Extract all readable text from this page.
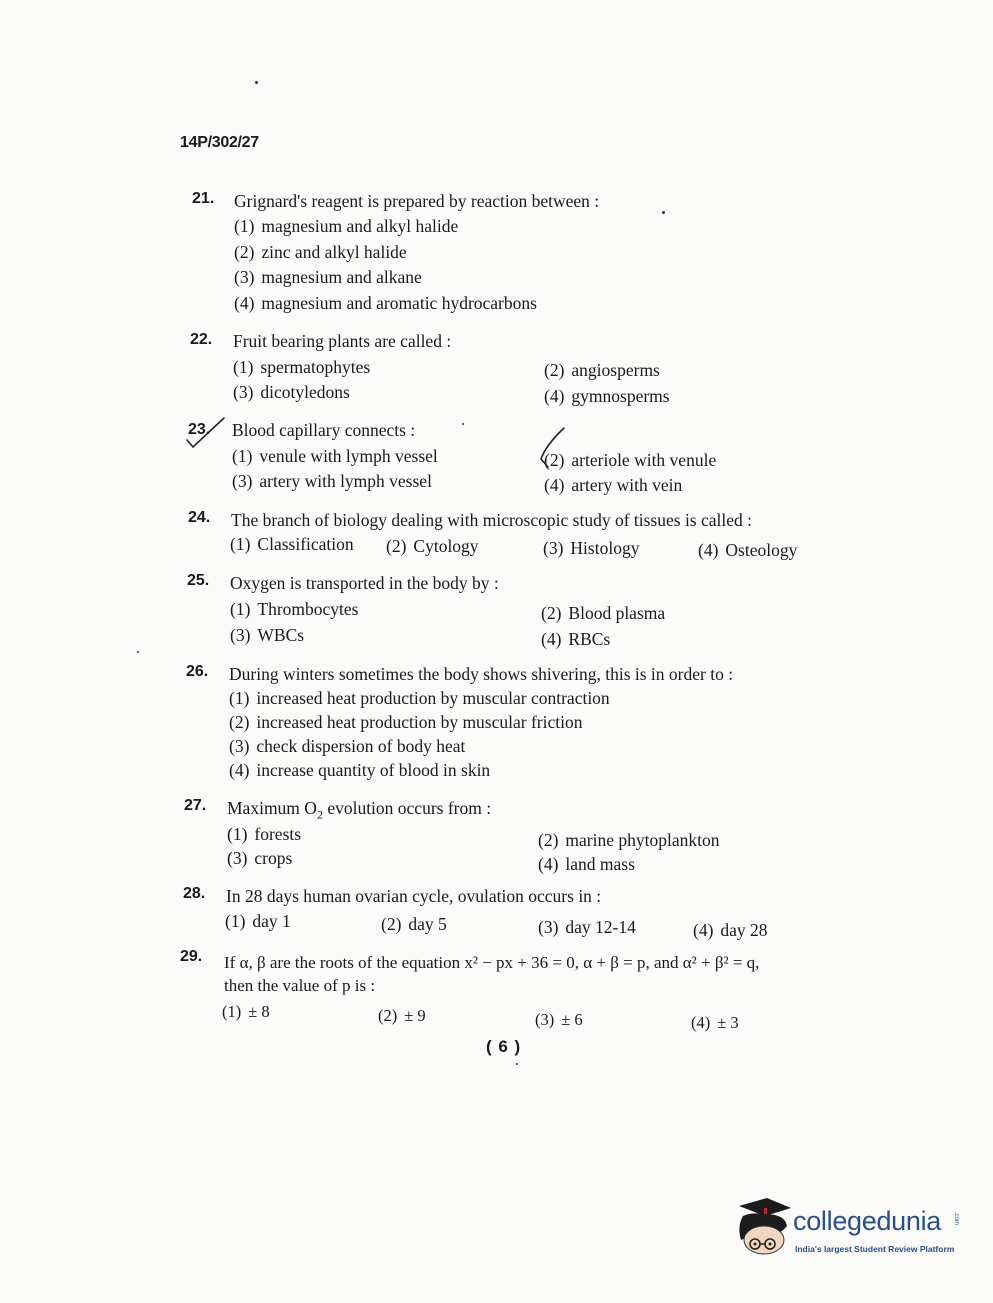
14P/302/27
21. Grignard's reagent is prepared by reaction between :
(1) magnesium and alkyl halide
(2) zinc and alkyl halide
(3) magnesium and alkane
(4) magnesium and aromatic hydrocarbons
22. Fruit bearing plants are called :
(1) spermatophytes	(2) angiosperms
(3) dicotyledons	(4) gymnosperms
23. Blood capillary connects :
(1) venule with lymph vessel	(2) arteriole with venule
(3) artery with lymph vessel	(4) artery with vein
24. The branch of biology dealing with microscopic study of tissues is called :
(1) Classification (2) Cytology	(3) Histology	(4) Osteology
25. Oxygen is transported in the body by :
(1) Thrombocytes	(2) Blood plasma
(3) WBCs	(4) RBCs
26. During winters sometimes the body shows shivering, this is in order to :
(1) increased heat production by muscular contraction
(2) increased heat production by muscular friction
(3) check dispersion of body heat
(4) increase quantity of blood in skin
27. Maximum $O_2$ evolution occurs from :
(1) forests	(2) marine phytoplankton
(3) crops	(4) land mass
28. In 28 days human ovarian cycle, ovulation occurs in :
(1) day 1	(2) day 5	(3) day 12-14	(4) day 28
29. If α, β are the roots of the equation x² − px + 36 = 0, α + β = p, and α² + β² = q,
then the value of p is :
(1) ± 8	(2) ± 9	(3) ± 6	(4) ± 3
( 6 )
collegedunia .com
India's largest Student Review Platform
